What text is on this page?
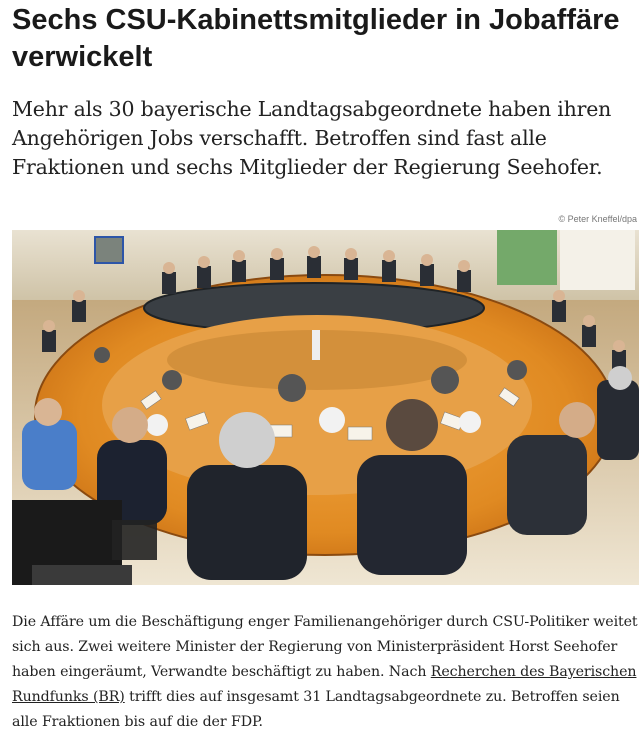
Sechs CSU-Kabinettsmitglieder in Jobaffäre verwickelt

Mehr als 30 bayerische Landtagsabgeordnete haben ihren Angehörigen Jobs verschafft. Betroffen sind fast alle Fraktionen und sechs Mitglieder der Regierung Seehofer.

© Peter Kneffel/dpa

Die Affäre um die Beschäftigung enger Familienangehöriger durch CSU-Politiker weitet sich aus. Zwei weitere Minister der Regierung von Ministerpräsident Horst Seehofer haben eingeräumt, Verwandte beschäftigt zu haben. Nach Recherchen des Bayerischen Rundfunks (BR) trifft dies auf insgesamt 31 Landtagsabgeordnete zu. Betroffen seien alle Fraktionen bis auf die der FDP.
